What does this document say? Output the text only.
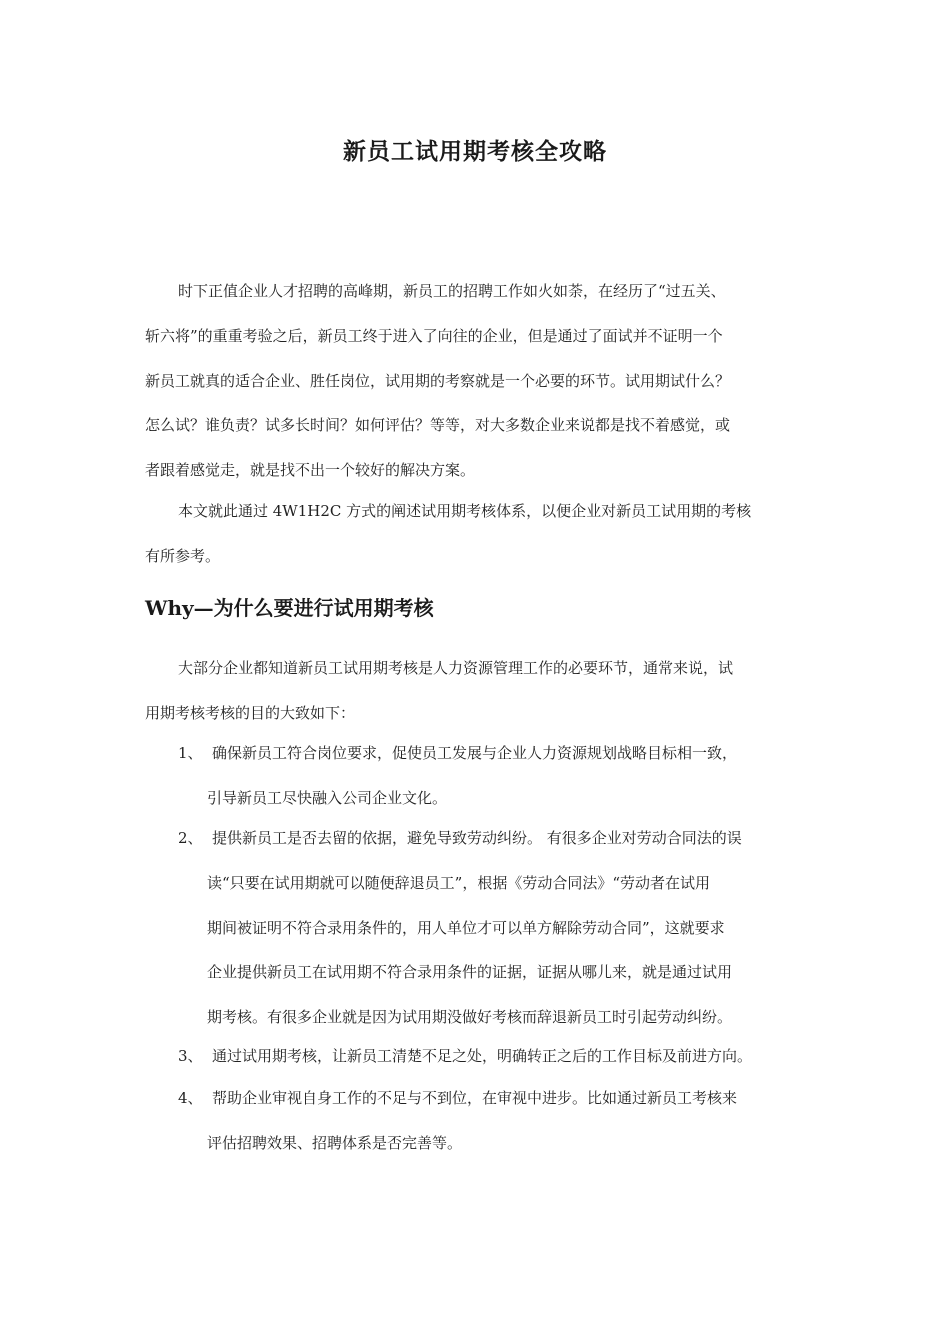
新员工试用期考核全攻略
时下正值企业人才招聘的高峰期，新员工的招聘工作如火如荼，在经历了“过五关、
斩六将”的重重考验之后，新员工终于进入了向往的企业，但是通过了面试并不证明一个
新员工就真的适合企业、胜任岗位，试用期的考察就是一个必要的环节。试用期试什么？
怎么试？谁负责？试多长时间？如何评估？等等，对大多数企业来说都是找不着感觉，或
者跟着感觉走，就是找不出一个较好的解决方案。
本文就此通过 4W1H2C 方式的阐述试用期考核体系，以便企业对新员工试用期的考核
有所参考。
Why—为什么要进行试用期考核
大部分企业都知道新员工试用期考核是人力资源管理工作的必要环节，通常来说，试
用期考核考核的目的大致如下：
1、 确保新员工符合岗位要求，促使员工发展与企业人力资源规划战略目标相一致，
引导新员工尽快融入公司企业文化。
2、 提供新员工是否去留的依据，避免导致劳动纠纷。 有很多企业对劳动合同法的误
读“只要在试用期就可以随便辞退员工”，根据《劳动合同法》“劳动者在试用
期间被证明不符合录用条件的，用人单位才可以单方解除劳动合同”，这就要求
企业提供新员工在试用期不符合录用条件的证据，证据从哪儿来，就是通过试用
期考核。有很多企业就是因为试用期没做好考核而辞退新员工时引起劳动纠纷。
3、 通过试用期考核，让新员工清楚不足之处，明确转正之后的工作目标及前进方向。
4、 帮助企业审视自身工作的不足与不到位，在审视中进步。比如通过新员工考核来
评估招聘效果、招聘体系是否完善等。
